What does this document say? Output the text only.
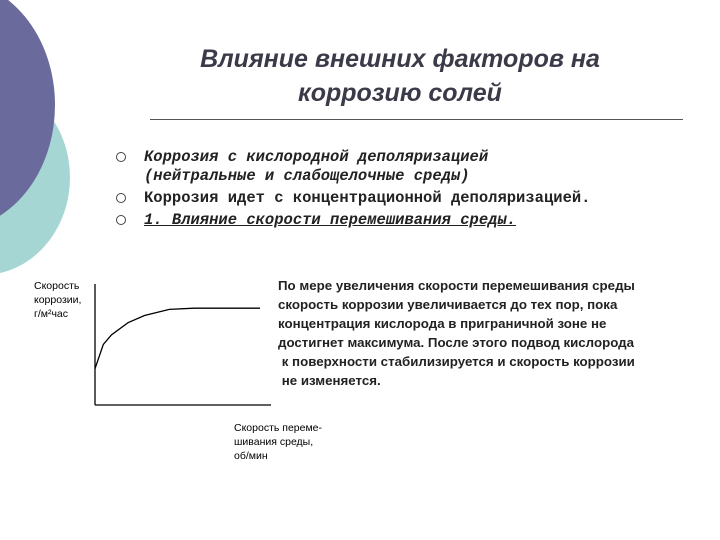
Влияние внешних факторов на
коррозию солей
Коррозия с кислородной деполяризацией
(нейтральные и слабощелочные среды)
Коррозия идет с концентрационной деполяризацией.
1. Влияние скорости перемешивания среды.
Скорость
коррозии,
г/м²час
Скорость переме-
шивания среды,
об/мин
По мере увеличения скорости перемешивания среды
скорость коррозии увеличивается до тех пор, пока
концентрация кислорода в приграничной зоне не
достигнет максимума. После этого подвод кислорода
к поверхности стабилизируется и скорость коррозии
не изменяется.
